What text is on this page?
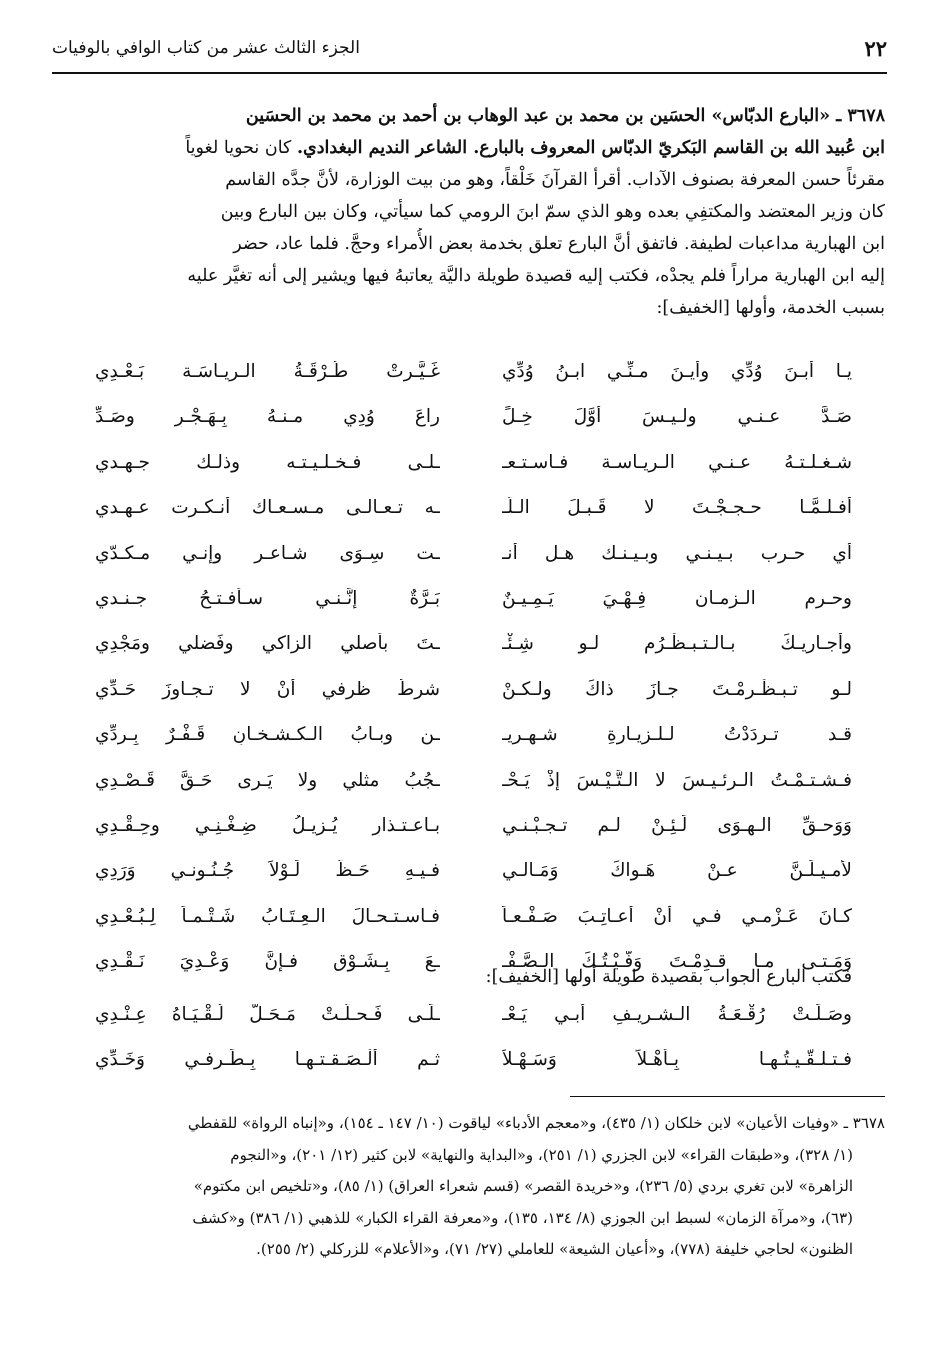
٢٢
الجزء الثالث عشر من كتاب الوافي بالوفيات
٣٦٧٨ ـ «البارع الدبّاس» الحسَين بن محمد بن عبد الوهاب بن أحمد بن محمد بن الحسَين
ابن عُبيد الله بن القاسم البَكريّ الدبّاس المعروف بالبارع. الشاعر النديم البغدادي. كان نحويا لغوياً
مقرئاً حسن المعرفة بصنوف الآداب. أقرأ القرآنَ خَلْقاً، وهو من بيت الوزارة، لأنَّ جدَّه القاسم
كان وزير المعتضد والمكتفِي بعده وهو الذي سمّ ابنَ الرومي كما سيأتي، وكان بين البارع وبين
ابن الهبارية مداعبات لطيفة. فاتفق أنَّ البارع تعلق بخدمة بعض الأُمراء وحجَّ. فلما عاد، حضر
إليه ابن الهبارية مراراً فلم يجدْه، فكتب إليه قصيدة طويلة داليَّة يعاتبهُ فيها ويشير إلى أنه تغيَّر عليه
بسبب الخدمة، وأولها [الخفيف]:
يـا أَبـنَ وُدِّي وأيـنَ مـنِّـي ابـنُ وُدِّي
غَـيَّـرتْ طُـرْقَـةُ الـريـاسَـة بَـعْـدِي
صَـدَّ عـنـي ولـيـسَ أَوَّلَ خِـلٍّ
راعَ وُدِي مـنـهُ بِـهَـجْـرٍ وصَـدِّ
شـغـلـتـهُ عـنـي الـريـاسـة فـاسـتـعـ
ـلـى فـخـلـيـتـه وذلـك جـهـدي
أفـلـمَّـا حـجـجْـتَ لا قَـبـلَ الـلَّـ
ـه تـعـالـى مـسـعـاك أنـكـرت عـهـدي
أي حـرب بـيـنـي وبـيـنـك هـل أنـ
ـت سِـوَى شـاعـر وإنـي مـكـدّي
وحـرم الـزمـان فِـهْـيَ يَـمِـيـنٌ
بَـرَّةٌ إنَّـنـي سـأفـتـحُ جـنـدي
وأجـاريـكَ بـالـتـبـظْـرُمِ لـو شِـئْـ
ـتَ بأَصلي الزاكي وفَضلي ومَجْدِي
لـو تـبـظْـرمْـتَ جـازَ ذاكَ ولـكـنْ
شرطُ ظرفي أنْ لا تـجـاوزَ حَـدِّي
قـد تـردَدْتُ لـلـزيـارةِ شـهـريـ
ـنِ وبـابُ الـكـشـخـانِ قَـفْـرٌ بِـرِدِّي
فـشـتـمْـتُ الـرئـيـسَ لا الـتَّـيْـسَ إذْ يَـحْـ
ـجُبُ مثلي ولا يَـرى حَـقَّ قَـصْـدِي
وَوَحـقِّ الـهـوَى لَـئِـنْ لـم تـجـبْـنـي
بـاعـتـذارٍ يُـزيـلُ ضِـغْـنِـي وحِـقْـدِي
لأمـيـلَـنَّ عـنْ هَـواكَ وَمَـالـي
فـيـهِ حَـظٌّ لَـوْلاَ جُـنُـونـي وَرَدِي
كـانَ عَـزْمـي فـي أنْ أعـاتِـبَ صَـفْـعـاً
فـاسـتـحـالَ الـعِـتَـابُ شَـتْـمـاً لِـبُـعْـدِي
وَمَـتـى مـا قـدِمْـتَ وَفَّـيْـتُـكَ الـصَّـفْـ
ـعَ بِـشَـوْقٍ فـإنَّ وَعْـدِيَ نَـقْـدِي
فكتب البارع الجواب بقصيدة طويلة أولها [الخفيف]:
وصَـلَـتْ رُقْـعَـةُ الـشـريـفِ أبـي يَـعْـ
ـلَـى فَـحـلَّـتْ مَـحَـلَّ لُـقْـيَـاهُ عِـنْـدِي
فـتـلـقَّـيـتُـهـا بِـأَهْـلاً وَسَـهْـلاً
ثـم أَلْـصَـقـتـهـا بِـطَـرفـي وَخَـدِّي
٣٦٧٨ ـ «وفيات الأعيان» لابن خلكان (١/ ٤٣٥)، و«معجم الأدباء» لياقوت (١٠/ ١٤٧ ـ ١٥٤)، و«إنباه الرواة» للقفطي
(١/ ٣٢٨)، و«طبقات القراء» لابن الجزري (١/ ٢٥١)، و«البداية والنهاية» لابن كثير (١٢/ ٢٠١)، و«النجوم
الزاهرة» لابن تغري بردي (٥/ ٢٣٦)، و«خريدة القصر» (قسم شعراء العراق) (١/ ٨٥)، و«تلخيص ابن مكتوم»
(٦٣)، و«مرآة الزمان» لسبط ابن الجوزي (٨/ ١٣٤، ١٣٥)، و«معرفة القراء الكبار» للذهبي (١/ ٣٨٦) و«كشف
الظنون» لحاجي خليفة (٧٧٨)، و«أعيان الشيعة» للعاملي (٢٧/ ٧١)، و«الأعلام» للزركلي (٢/ ٢٥٥).
